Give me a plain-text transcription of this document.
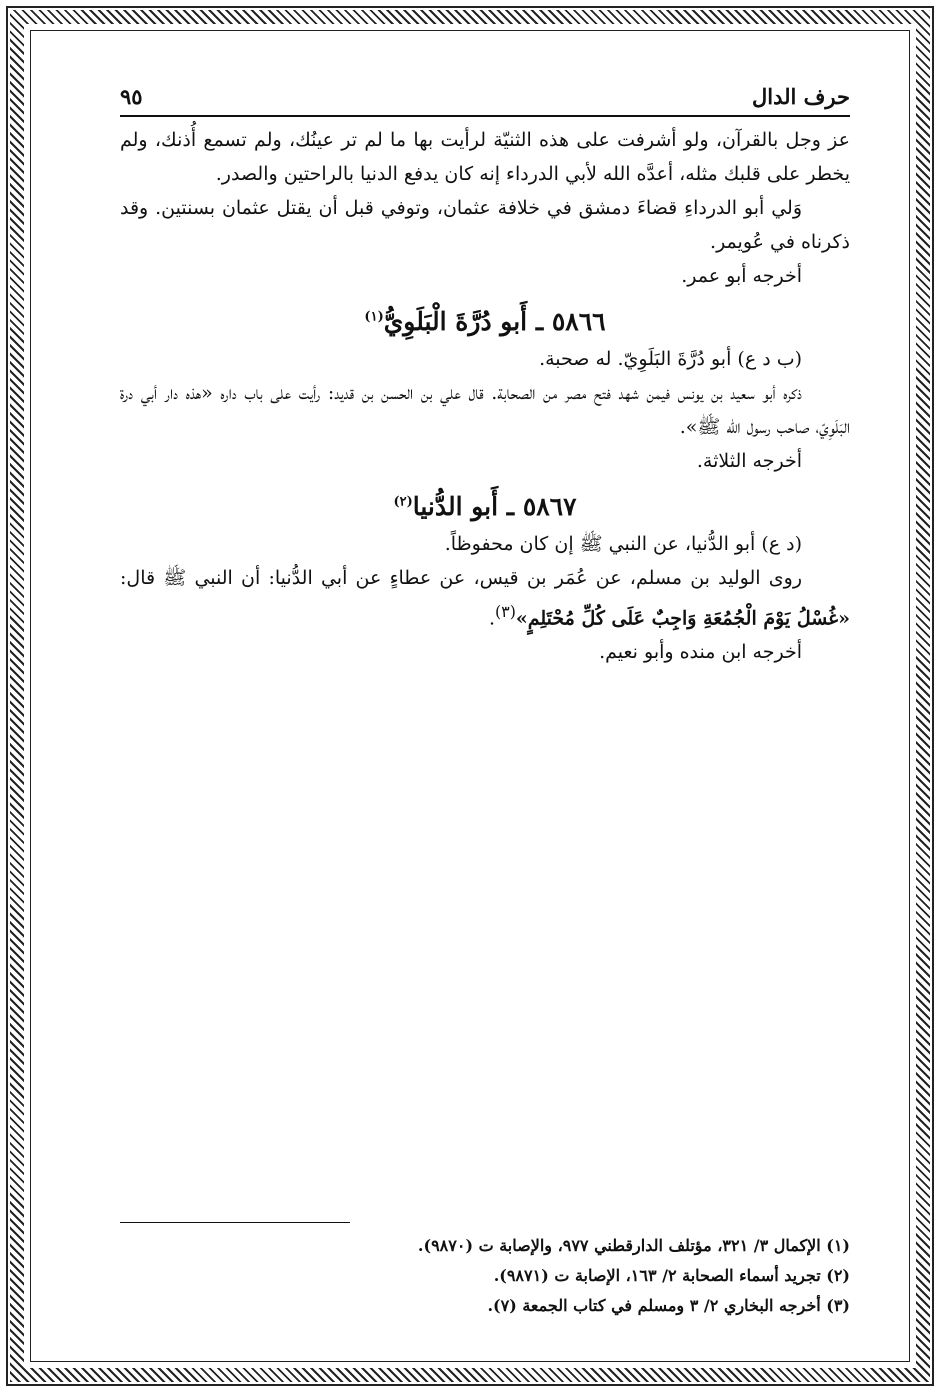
حرف الدال
٩٥

عز وجل بالقرآن، ولو أشرفت على هذه الثنيّة لرأيت بها ما لم تر عينُك، ولم تسمع أُذنك، ولم يخطر على قلبك مثله، أعدَّه الله لأبي الدرداء إنه كان يدفع الدنيا بالراحتين والصدر.

وَلي أبو الدرداءِ قضاءَ دمشق في خلافة عثمان، وتوفي قبل أن يقتل عثمان بسنتين. وقد ذكرناه في عُويمر.

أخرجه أبو عمر.

٥٨٦٦ ـ أَبو دُرَّةَ الْبَلَوِيُّ$^{(١)}$

(ب د ع) أبو دُرَّةَ البَلَوِيّ. له صحبة.

ذكره أبو سعيد بن يونس فيمن شهد فتح مصر من الصحابة. قال علي بن الحسن بن قديد: رأيت على باب داره «هذه دار أبي درة البَلَوِيّ، صاحب رسول الله ﷺ».

أخرجه الثلاثة.

٥٨٦٧ ـ أَبو الدُّنيا$^{(٢)}$

(د ع) أبو الدُّنيا، عن النبي ﷺ إن كان محفوظاً.

روى الوليد بن مسلم، عن عُمَر بن قيس، عن عطاءٍ عن أبي الدُّنيا: أن النبي ﷺ قال: «غُسْلُ يَوْمَ الْجُمُعَةِ وَاجِبٌ عَلَى كُلِّ مُحْتَلِمٍ»$^{(٣)}$.

أخرجه ابن منده وأبو نعيم.

(١) الإكمال ٣/ ٣٢١، مؤتلف الدارقطني ٩٧٧، والإصابة ت (٩٨٧٠).

(٢) تجريد أسماء الصحابة ٢/ ١٦٣، الإصابة ت (٩٨٧١).

(٣) أخرجه البخاري ٢/ ٣ ومسلم في كتاب الجمعة (٧).
